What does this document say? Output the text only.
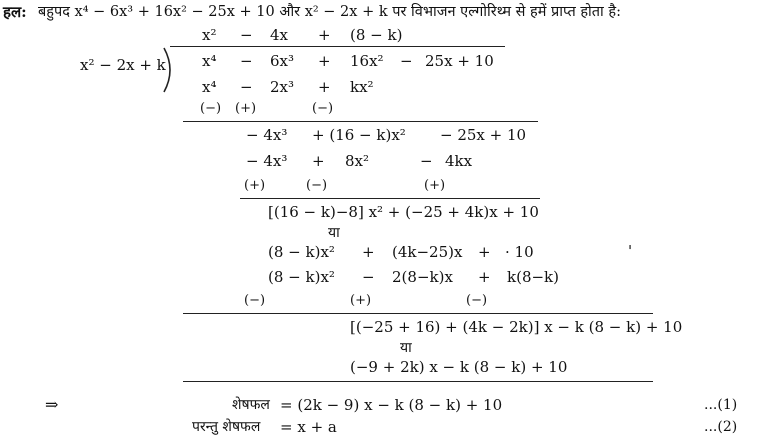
हल: बहुपद x⁴ − 6x³ + 16x² − 25x + 10 और x² − 2x + k पर विभाजन एल्गोरिथ्म से हमें प्राप्त होता है:
x² − 2x + k
x² − 4x + (8 − k)
x⁴ − 6x³ + 16x² − 25x + 10
x⁴ − 2x³ + kx²
(−) (+)	(−)
− 4x³ + (16 − k)x² − 25x + 10
− 4x³ + 8x²	− 4kx
(+)	(−)	(+)
[(16 − k)−8] x² + (−25 + 4k)x + 10
या
(8 − k)x² + (4k−25)x + · 10	'
(8 − k)x² − 2(8−k)x + k(8−k)
(−)	(+)	(−)
[(−25 + 16) + (4k − 2k)] x − k (8 − k) + 10
या
(−9 + 2k) x − k (8 − k) + 10
⇒	शेषफल = (2k − 9) x − k (8 − k) + 10	...(1)
परन्तु शेषफल = x + a	...(2)
